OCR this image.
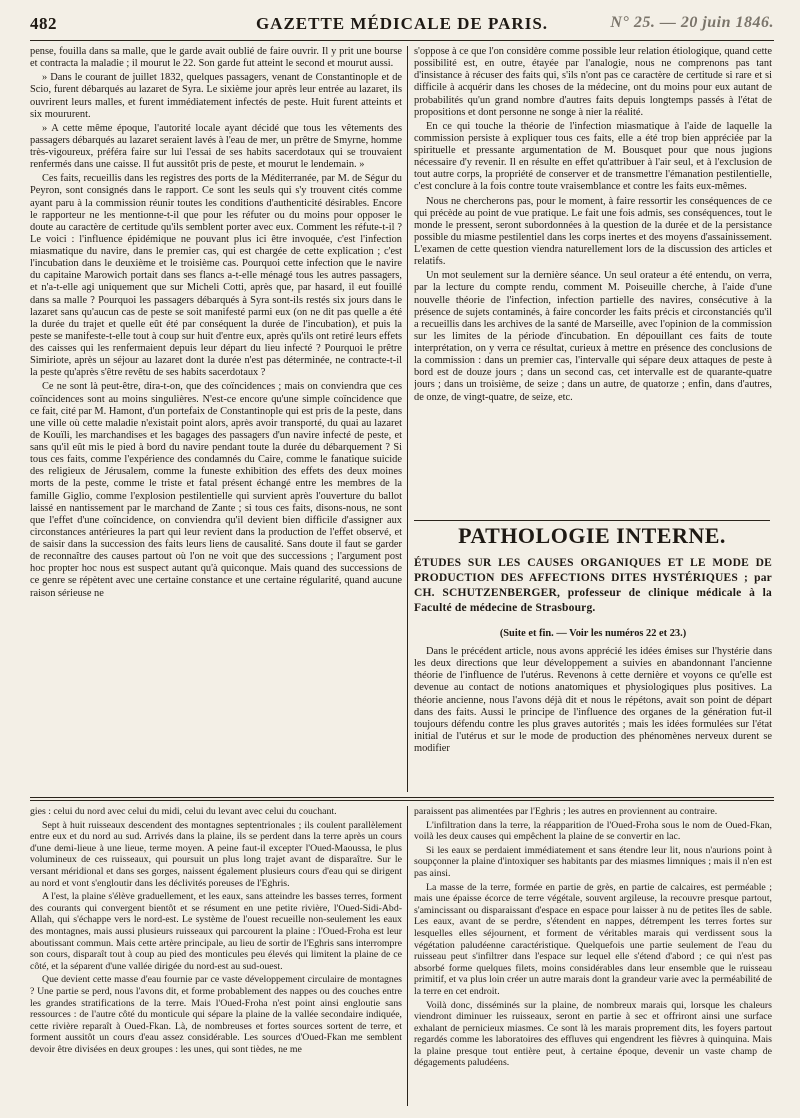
482	GAZETTE MÉDICALE DE PARIS.	N° 25. — 20 juin 1846.

pense, fouilla dans sa malle, que le garde avait oublié de faire ouvrir. Il y prit une bourse et contracta la maladie ; il mourut le 22. Son garde fut atteint le second et mourut aussi.

» Dans le courant de juillet 1832, quelques passagers, venant de Constantinople et de Scio, furent débarqués au lazaret de Syra. Le sixième jour après leur entrée au lazaret, ils ouvrirent leurs malles, et furent immédiatement infectés de peste. Huit furent atteints et six moururent.

» A cette même époque, l'autorité locale ayant décidé que tous les vêtements des passagers débarqués au lazaret seraient lavés à l'eau de mer, un prêtre de Smyrne, homme très-vigoureux, préféra faire sur lui l'essai de ses habits sacerdotaux qui se trouvaient renfermés dans une caisse. Il fut aussitôt pris de peste, et mourut le lendemain. »

Ces faits, recueillis dans les registres des ports de la Méditerranée, par M. de Ségur du Peyron, sont consignés dans le rapport. Ce sont les seuls qui s'y trouvent cités comme ayant paru à la commission réunir toutes les conditions d'authenticité désirables. Encore le rapporteur ne les mentionne-t-il que pour les réfuter ou du moins pour opposer le doute au caractère de certitude qu'ils semblent porter avec eux. Comment les réfute-t-il ? Le voici : l'influence épidémique ne pouvant plus ici être invoquée, c'est l'infection miasmatique du navire, dans le premier cas, qui est chargée de cette explication ; c'est l'incubation dans le deuxième et le troisième cas. Pourquoi cette infection que le navire du capitaine Marowich portait dans ses flancs a-t-elle ménagé tous les autres passagers, et n'a-t-elle agi uniquement que sur Micheli Cotti, après que, par hasard, il eut fouillé dans sa malle ? Pourquoi les passagers débarqués à Syra sont-ils restés six jours dans le lazaret sans qu'aucun cas de peste se soit manifesté parmi eux (on ne dit pas quelle a été la durée du trajet et quelle eût été par conséquent la durée de l'incubation), et puis la peste se manifeste-t-elle tout à coup sur huit d'entre eux, après qu'ils ont retiré leurs effets des caisses qui les renfermaient depuis leur départ du lieu infecté ? Pourquoi le prêtre Simiriote, après un séjour au lazaret dont la durée n'est pas déterminée, ne contracte-t-il la peste qu'après s'être revêtu de ses habits sacerdotaux ?

Ce ne sont là peut-être, dira-t-on, que des coïncidences ; mais on conviendra que ces coïncidences sont au moins singulières. N'est-ce encore qu'une simple coïncidence que ce fait, cité par M. Hamont, d'un portefaix de Constantinople qui est pris de la peste, dans une ville où cette maladie n'existait point alors, après avoir transporté, du quai au lazaret de Kouïli, les marchandises et les bagages des passagers d'un navire infecté de peste, et sans qu'il eût mis le pied à bord du navire pendant toute la durée du débarquement ? Si tous ces faits, comme l'expérience des condamnés du Caire, comme le fanatique suicide des religieux de Jérusalem, comme la funeste exhibition des effets des deux moines morts de la peste, comme le triste et fatal présent échangé entre les membres de la famille Giglio, comme l'explosion pestilentielle qui survient après l'ouverture du ballot laissé en nantissement par le marchand de Zante ; si tous ces faits, disons-nous, ne sont que l'effet d'une coïncidence, on conviendra qu'il devient bien difficile d'assigner aux circonstances antérieures la part qui leur revient dans la production de l'effet observé, et de saisir dans la succession des faits leurs liens de causalité. Sans doute il faut se garder de reconnaître des causes partout où l'on ne voit que des successions ; l'argument post hoc propter hoc nous est suspect autant qu'à quiconque. Mais quand des successions de ce genre se répètent avec une certaine constance et une certaine régularité, quand aucune raison sérieuse ne

s'oppose à ce que l'on considère comme possible leur relation étiologique, quand cette possibilité est, en outre, étayée par l'analogie, nous ne comprenons pas tant d'insistance à récuser des faits qui, s'ils n'ont pas ce caractère de certitude si rare et si difficile à acquérir dans les choses de la médecine, ont du moins pour eux autant de probabilités qu'un grand nombre d'autres faits depuis longtemps passés à l'état de propositions et dont personne ne songe à nier la réalité.

En ce qui touche la théorie de l'infection miasmatique à l'aide de laquelle la commission persiste à expliquer tous ces faits, elle a été trop bien appréciée par la spirituelle et pressante argumentation de M. Bousquet pour que nous jugions nécessaire d'y revenir. Il en résulte en effet qu'attribuer à l'air seul, et à l'exclusion de tout autre corps, la propriété de conserver et de transmettre l'émanation pestilentielle, c'est conclure à la fois contre toute vraisemblance et contre les faits eux-mêmes.

Nous ne chercherons pas, pour le moment, à faire ressortir les conséquences de ce qui précède au point de vue pratique. Le fait une fois admis, ses conséquences, tout le monde le pressent, seront subordonnées à la question de la durée et de la persistance possible du miasme pestilentiel dans les corps inertes et des moyens d'assainissement. L'examen de cette question viendra naturellement lors de la discussion des articles et relatifs.

Un mot seulement sur la dernière séance. Un seul orateur a été entendu, on verra, par la lecture du compte rendu, comment M. Poiseuille cherche, à l'aide d'une nouvelle théorie de l'infection, infection partielle des navires, consécutive à la présence de sujets contaminés, à faire concorder les faits précis et circonstanciés qu'il a recueillis dans les archives de la santé de Marseille, avec l'opinion de la commission sur les limites de la période d'incubation. En dépouillant ces faits de toute interprétation, on y verra ce résultat, curieux à mettre en présence des conclusions de la commission : dans un premier cas, l'intervalle qui sépare deux attaques de peste à bord est de douze jours ; dans un second cas, cet intervalle est de quarante-quatre jours ; dans un troisième, de seize ; dans un autre, de quatorze ; enfin, dans d'autres, de onze, de vingt-quatre, de seize, etc.

PATHOLOGIE INTERNE.
ÉTUDES SUR LES CAUSES ORGANIQUES ET LE MODE DE PRODUCTION DES AFFECTIONS DITES HYSTÉRIQUES ; par CH. SCHUTZENBERGER, professeur de clinique médicale à la Faculté de médecine de Strasbourg.
(Suite et fin. — Voir les numéros 22 et 23.)

Dans le précédent article, nous avons apprécié les idées émises sur l'hystérie dans les deux directions que leur développement a suivies en abandonnant l'ancienne théorie de l'influence de l'utérus. Revenons à cette dernière et voyons ce qu'elle est devenue au contact de notions anatomiques et physiologiques plus positives. La théorie ancienne, nous l'avons déjà dit et nous le répétons, avait son point de départ dans des faits. Aussi le principe de l'influence des organes de la génération fut-il toujours défendu contre les plus graves autorités ; mais les idées formulées sur l'état initial de l'utérus et sur le mode de production des phénomènes nerveux durent se modifier

gies : celui du nord avec celui du midi, celui du levant avec celui du couchant.

Sept à huit ruisseaux descendent des montagnes septentrionales ; ils coulent parallèlement entre eux et du nord au sud. Arrivés dans la plaine, ils se perdent dans la terre après un cours d'une demi-lieue à une lieue, terme moyen. A peine faut-il excepter l'Oued-Maoussa, le plus volumineux de ces ruisseaux, qui poursuit un plus long trajet avant de disparaître. Sur le versant méridional et dans ses gorges, naissent également plusieurs cours d'eau qui se dirigent au nord et vont s'engloutir dans les déclivités poreuses de l'Eghris.

A l'est, la plaine s'élève graduellement, et les eaux, sans atteindre les basses terres, forment des courants qui convergent bientôt et se résument en une petite rivière, l'Oued-Sidi-Abd-Allah, qui s'échappe vers le nord-est. Le système de l'ouest recueille non-seulement les eaux des montagnes, mais aussi plusieurs ruisseaux qui parcourent la plaine : l'Oued-Froha est leur aboutissant commun. Mais cette artère principale, au lieu de sortir de l'Eghris sans interrompre son cours, disparaît tout à coup au pied des monticules peu élevés qui limitent la plaine de ce côté, et la séparent d'une vallée dirigée du nord-est au sud-ouest.

Que devient cette masse d'eau fournie par ce vaste développement circulaire de montagnes ? Une partie se perd, nous l'avons dit, et forme probablement des nappes ou des couches entre les grandes stratifications de la terre. Mais l'Oued-Froha n'est point ainsi engloutie sans ressources : de l'autre côté du monticule qui sépare la plaine de la vallée secondaire indiquée, cette rivière reparaît à Oued-Fkan. Là, de nombreuses et fortes sources sortent de terre, et forment aussitôt un cours d'eau assez considérable. Les sources d'Oued-Fkan me semblent devoir être divisées en deux groupes : les unes, qui sont tièdes, ne me

paraissent pas alimentées par l'Eghris ; les autres en proviennent au contraire.

L'infiltration dans la terre, la réapparition de l'Oued-Froha sous le nom de Oued-Fkan, voilà les deux causes qui empêchent la plaine de se convertir en lac.

Si les eaux se perdaient immédiatement et sans étendre leur lit, nous n'aurions point à soupçonner la plaine d'intoxiquer ses habitants par des miasmes limniques ; mais il n'en est pas ainsi.

La masse de la terre, formée en partie de grès, en partie de calcaires, est perméable ; mais une épaisse écorce de terre végétale, souvent argileuse, la recouvre presque partout, s'amincissant ou disparaissant d'espace en espace pour laisser à nu de petites îles de sable. Les eaux, avant de se perdre, s'étendent en nappes, détrempent les terres fortes sur lesquelles elles séjournent, et forment de véritables marais qui verdissent sous la végétation paludéenne caractéristique. Quelquefois une partie seulement de l'eau du ruisseau peut s'infiltrer dans l'espace sur lequel elle s'étend d'abord ; ce qui n'est pas absorbé forme quelques filets, moins considérables dans leur ensemble que le ruisseau primitif, et va plus loin créer un autre marais dont la grandeur varie avec la perméabilité de la terre en cet endroit.

Voilà donc, disséminés sur la plaine, de nombreux marais qui, lorsque les chaleurs viendront diminuer les ruisseaux, seront en partie à sec et offriront ainsi une surface exhalant de pernicieux miasmes. Ce sont là les marais proprement dits, les foyers partout regardés comme les laboratoires des effluves qui engendrent les fièvres à quinquina. Mais la plaine presque tout entière peut, à certaine époque, devenir un vaste champ de dégagements paludéens.
